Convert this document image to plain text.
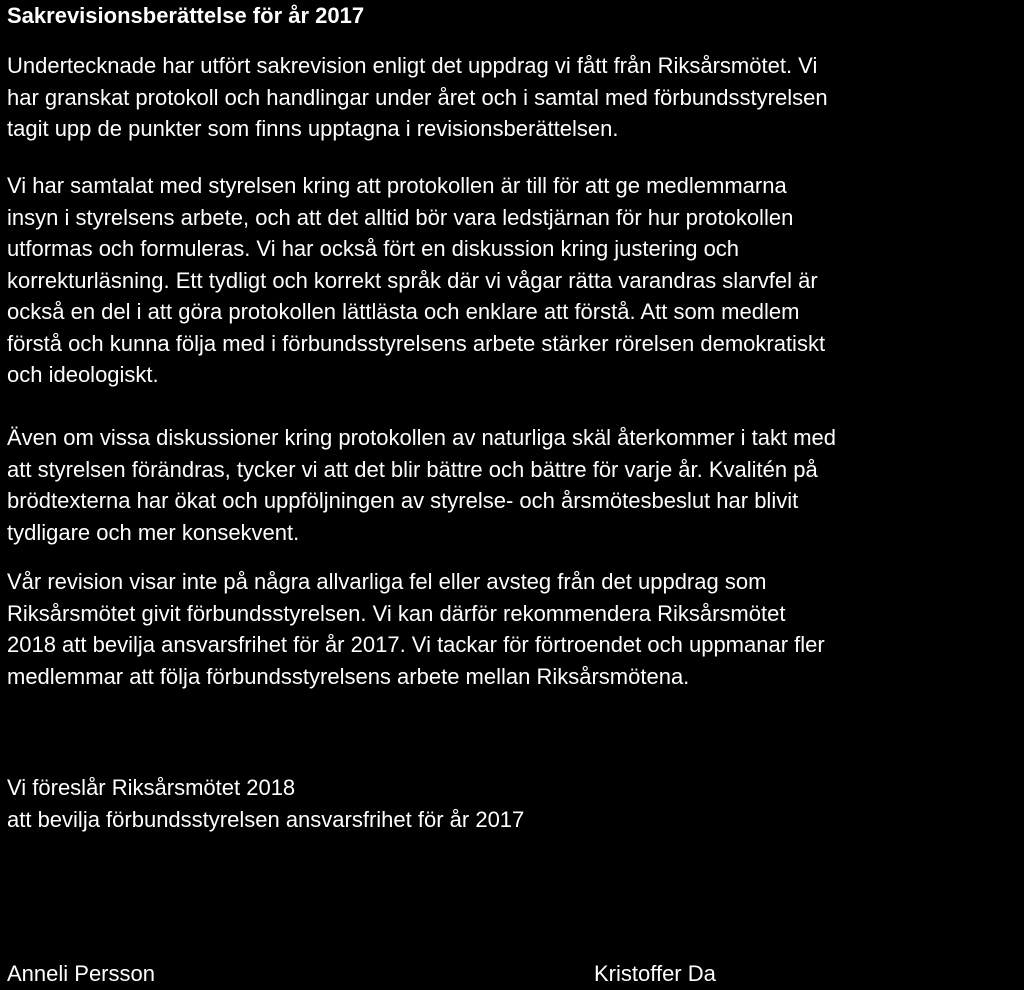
Sakrevisionsberättelse för år 2017

Undertecknade har utfört sakrevision enligt det uppdrag vi fått från Riksårsmötet. Vi
har granskat protokoll och handlingar under året och i samtal med förbundsstyrelsen
tagit upp de punkter som finns upptagna i revisionsberättelsen.

Vi har samtalat med styrelsen kring att protokollen är till för att ge medlemmarna
insyn i styrelsens arbete, och att det alltid bör vara ledstjärnan för hur protokollen
utformas och formuleras. Vi har också fört en diskussion kring justering och
korrekturläsning. Ett tydligt och korrekt språk där vi vågar rätta varandras slarvfel är
också en del i att göra protokollen lättlästa och enklare att förstå. Att som medlem
förstå och kunna följa med i förbundsstyrelsens arbete stärker rörelsen demokratiskt
och ideologiskt.

Även om vissa diskussioner kring protokollen av naturliga skäl återkommer i takt med
att styrelsen förändras, tycker vi att det blir bättre och bättre för varje år. Kvalitén på
brödtexterna har ökat och uppföljningen av styrelse- och årsmötesbeslut har blivit
tydligare och mer konsekvent.

Vår revision visar inte på några allvarliga fel eller avsteg från det uppdrag som
Riksårsmötet givit förbundsstyrelsen. Vi kan därför rekommendera Riksårsmötet
2018 att bevilja ansvarsfrihet för år 2017. Vi tackar för förtroendet och uppmanar fler
medlemmar att följa förbundsstyrelsens arbete mellan Riksårsmötena.

Vi föreslår Riksårsmötet 2018
att bevilja förbundsstyrelsen ansvarsfrihet för år 2017

Anneli Persson	Kristoffer Da
